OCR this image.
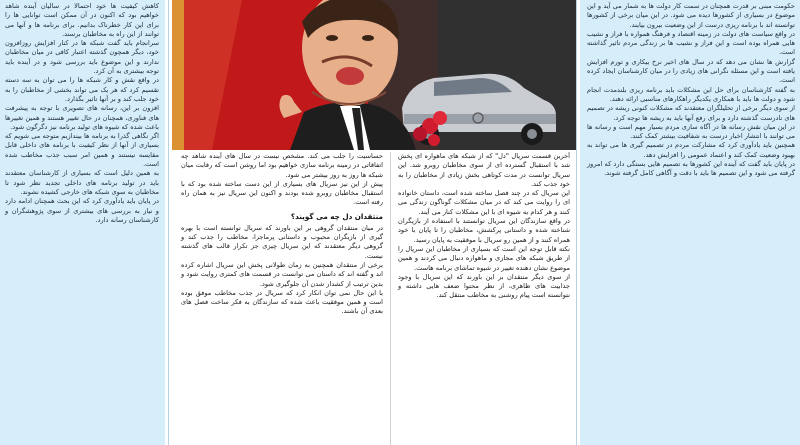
کاهش کیفیت ها خود احتمالا در سالیان آینده شاهد خواهیم بود که اکنون در آن ممکن است توانایی ها را برای این کار خطرناک بدانیم. برای برنامه ها و آنها می توانند از این راه به مخاطبان برسند.

سرانجام باید گفت شبکه ها در کنار افزایش روزافزون خود، دیگر همچون گذشته اعتبار کافی در میان مخاطبان ندارند و این موضوع باید بررسی شود و در آینده باید توجه بیشتری به آن کرد.

در واقع نقش و کار شبکه ها را می توان به سه دسته تقسیم کرد که هر یک می تواند بخشی از مخاطبان را به خود جلب کند و بر آنها تاثیر بگذارد.

افزون بر این، رسانه های تصویری با توجه به پیشرفت های فناوری، همچنان در حال تغییر هستند و همین تغییرها باعث شده که شیوه های تولید برنامه نیز دگرگون شود.

اگر نگاهی گذرا به برنامه ها بیندازیم متوجه می شویم که بسیاری از آنها از نظر کیفیت با برنامه های داخلی قابل مقایسه نیستند و همین امر سبب جذب مخاطب شده است.

به همین دلیل است که بسیاری از کارشناسان معتقدند باید در تولید برنامه های داخلی تجدید نظر شود تا مخاطبان به سوی شبکه های خارجی کشیده نشوند.

در پایان باید یادآوری کرد که این بحث همچنان ادامه دارد و نیاز به بررسی های بیشتری از سوی پژوهشگران و کارشناسان رسانه دارد.

حساسیت را جلب می کند. مشخص نیست در سال های آینده شاهد چه اتفاقاتی در زمینه برنامه سازی خواهیم بود اما روشن است که رقابت میان شبکه ها روز به روز بیشتر می شود.

پیش از این نیز سریال های بسیاری از این دست ساخته شده بود که با استقبال مخاطبان روبرو شده بودند و اکنون این سریال نیز به همان راه رفته است.

منتقدان دل چه می گویند؟

در میان منتقدان گروهی بر این باورند که سریال توانسته است با بهره گیری از بازیگران محبوب و داستانی پرماجرا، مخاطب را جذب کند و گروهی دیگر معتقدند که این سریال چیزی جز تکرار قالب های گذشته نیست.

برخی از منتقدان همچنین به زمان طولانی پخش این سریال اشاره کرده اند و گفته اند که داستان می توانست در قسمت های کمتری روایت شود و بدین ترتیب از کشدار شدن آن جلوگیری شود.

با این حال نمی توان انکار کرد که سریال در جذب مخاطب موفق بوده است و همین موفقیت باعث شده که سازندگان به فکر ساخت فصل های بعدی آن باشند.

آخرین قسمت سریال "دل" که از شبکه های ماهواره ای پخش شد با استقبال گسترده ای از سوی مخاطبان روبرو شد. این سریال توانست در مدت کوتاهی بخش زیادی از مخاطبان را به خود جذب کند.

این سریال که در چند فصل ساخته شده است، داستان خانواده ای را روایت می کند که در میان مشکلات گوناگون زندگی می کنند و هر کدام به شیوه ای با این مشکلات کنار می آیند.

در واقع سازندگان این سریال توانستند با استفاده از بازیگران شناخته شده و داستانی پرکشش، مخاطبان را تا پایان با خود همراه کنند و از همین رو سریال با موفقیت به پایان رسید.

نکته قابل توجه این است که بسیاری از مخاطبان این سریال را از طریق شبکه های مجازی و ماهواره دنبال می کردند و همین موضوع نشان دهنده تغییر در شیوه تماشای برنامه هاست.

از سوی دیگر منتقدان بر این باورند که این سریال با وجود جذابیت های ظاهری، از نظر محتوا ضعف هایی داشته و نتوانسته است پیام روشنی به مخاطب منتقل کند.

حکومت مبنی بر قدرت همچنان در سمت کار دولت ها به شمار می آید و این موضوع در بسیاری از کشورها دیده می شود. در این میان برخی از کشورها توانسته اند با برنامه ریزی درست از این وضعیت بیرون بیایند.

در واقع سیاست های دولت در زمینه اقتصاد و فرهنگ همواره با فراز و نشیب هایی همراه بوده است و این فراز و نشیب ها بر زندگی مردم تاثیر گذاشته است.

گزارش ها نشان می دهد که در سال های اخیر نرخ بیکاری و تورم افزایش یافته است و این مسئله نگرانی های زیادی را در میان کارشناسان ایجاد کرده است.

به گفته کارشناسان برای حل این مشکلات باید برنامه ریزی بلندمدت انجام شود و دولت ها باید با همکاری یکدیگر راهکارهای مناسبی ارائه دهند.

از سوی دیگر برخی از تحلیلگران معتقدند که مشکلات کنونی ریشه در تصمیم های نادرست گذشته دارد و برای رفع آنها باید به ریشه ها توجه کرد.

در این میان نقش رسانه ها در آگاه سازی مردم بسیار مهم است و رسانه ها می توانند با انتشار اخبار درست به شفافیت بیشتر کمک کنند.

همچنین باید یادآوری کرد که مشارکت مردم در تصمیم گیری ها می تواند به بهبود وضعیت کمک کند و اعتماد عمومی را افزایش دهد.

در پایان باید گفت که آینده این کشورها به تصمیم هایی بستگی دارد که امروز گرفته می شود و این تصمیم ها باید با دقت و آگاهی کامل گرفته شوند.
